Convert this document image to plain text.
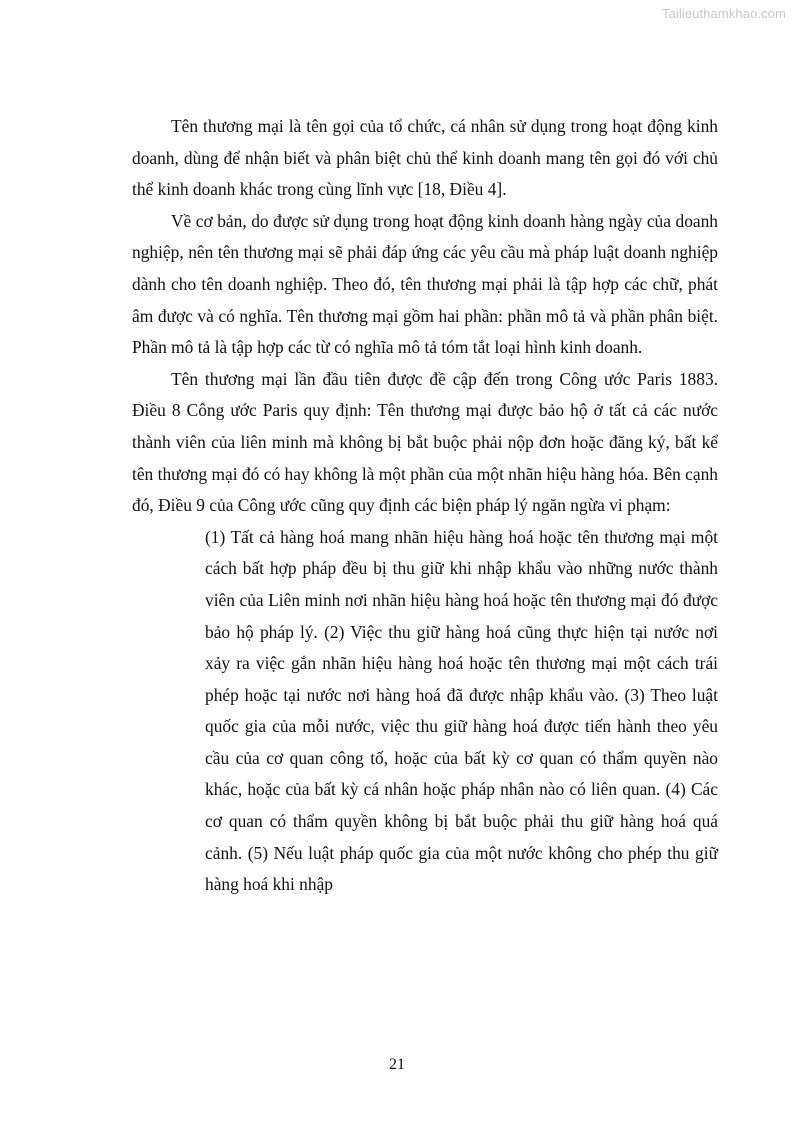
Tailieuthamkhao.com

Tên thương mại là tên gọi của tổ chức, cá nhân sử dụng trong hoạt động kinh doanh, dùng để nhận biết và phân biệt chủ thể kinh doanh mang tên gọi đó với chủ thể kinh doanh khác trong cùng lĩnh vực [18, Điều 4].

Về cơ bản, do được sử dụng trong hoạt động kinh doanh hàng ngày của doanh nghiệp, nên tên thương mại sẽ phải đáp ứng các yêu cầu mà pháp luật doanh nghiệp dành cho tên doanh nghiệp. Theo đó, tên thương mại phải là tập hợp các chữ, phát âm được và có nghĩa. Tên thương mại gồm hai phần: phần mô tả và phần phân biệt. Phần mô tả là tập hợp các từ có nghĩa mô tả tóm tắt loại hình kinh doanh.

Tên thương mại lần đầu tiên được đề cập đến trong Công ước Paris 1883. Điều 8 Công ước Paris quy định: Tên thương mại được bảo hộ ở tất cả các nước thành viên của liên minh mà không bị bắt buộc phải nộp đơn hoặc đăng ký, bất kể tên thương mại đó có hay không là một phần của một nhãn hiệu hàng hóa. Bên cạnh đó, Điều 9 của Công ước cũng quy định các biện pháp lý ngăn ngừa vi phạm:

(1) Tất cả hàng hoá mang nhãn hiệu hàng hoá hoặc tên thương mại một cách bất hợp pháp đều bị thu giữ khi nhập khẩu vào những nước thành viên của Liên minh nơi nhãn hiệu hàng hoá hoặc tên thương mại đó được bảo hộ pháp lý. (2) Việc thu giữ hàng hoá cũng thực hiện tại nước nơi xảy ra việc gắn nhãn hiệu hàng hoá hoặc tên thương mại một cách trái phép hoặc tại nước nơi hàng hoá đã được nhập khẩu vào. (3) Theo luật quốc gia của mỗi nước, việc thu giữ hàng hoá được tiến hành theo yêu cầu của cơ quan công tố, hoặc của bất kỳ cơ quan có thẩm quyền nào khác, hoặc của bất kỳ cá nhân hoặc pháp nhân nào có liên quan. (4) Các cơ quan có thẩm quyền không bị bắt buộc phải thu giữ hàng hoá quá cảnh. (5) Nếu luật pháp quốc gia của một nước không cho phép thu giữ hàng hoá khi nhập

21
